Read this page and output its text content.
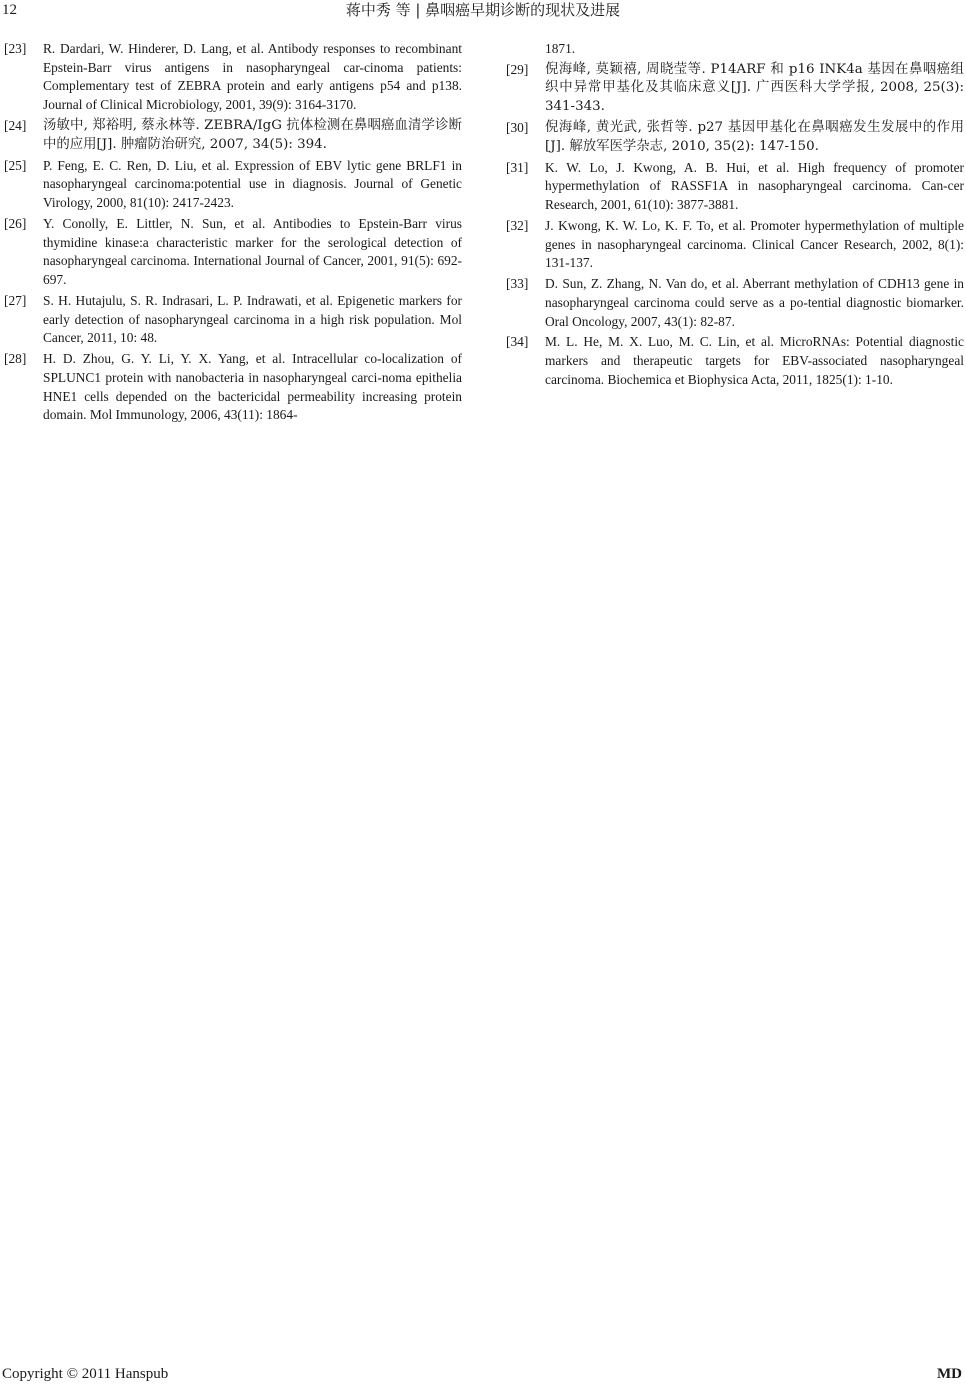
12	蒋中秀 等 | 鼻咽癌早期诊断的现状及进展
[23] R. Dardari, W. Hinderer, D. Lang, et al. Antibody responses to recombinant Epstein-Barr virus antigens in nasopharyngeal car-cinoma patients: Complementary test of ZEBRA protein and early antigens p54 and p138. Journal of Clinical Microbiology, 2001, 39(9): 3164-3170.
[24] 汤敏中, 郑裕明, 蔡永林等. ZEBRA/IgG 抗体检测在鼻咽癌血清学诊断中的应用[J]. 肿瘤防治研究, 2007, 34(5): 394.
[25] P. Feng, E. C. Ren, D. Liu, et al. Expression of EBV lytic gene BRLF1 in nasopharyngeal carcinoma:potential use in diagnosis. Journal of Genetic Virology, 2000, 81(10): 2417-2423.
[26] Y. Conolly, E. Littler, N. Sun, et al. Antibodies to Epstein-Barr virus thymidine kinase:a characteristic marker for the serological detection of nasopharyngeal carcinoma. International Journal of Cancer, 2001, 91(5): 692-697.
[27] S. H. Hutajulu, S. R. Indrasari, L. P. Indrawati, et al. Epigenetic markers for early detection of nasopharyngeal carcinoma in a high risk population. Mol Cancer, 2011, 10: 48.
[28] H. D. Zhou, G. Y. Li, Y. X. Yang, et al. Intracellular co-localization of SPLUNC1 protein with nanobacteria in nasopharyngeal carci-noma epithelia HNE1 cells depended on the bactericidal permeability increasing protein domain. Mol Immunology, 2006, 43(11): 1864-
1871.
[29] 倪海峰, 莫颖禧, 周晓莹等. P14ARF 和 p16 INK4a 基因在鼻咽癌组织中异常甲基化及其临床意义[J]. 广西医科大学学报, 2008, 25(3): 341-343.
[30] 倪海峰, 黄光武, 张哲等. p27 基因甲基化在鼻咽癌发生发展中的作用[J]. 解放军医学杂志, 2010, 35(2): 147-150.
[31] K. W. Lo, J. Kwong, A. B. Hui, et al. High frequency of promoter hypermethylation of RASSF1A in nasopharyngeal carcinoma. Can-cer Research, 2001, 61(10): 3877-3881.
[32] J. Kwong, K. W. Lo, K. F. To, et al. Promoter hypermethylation of multiple genes in nasopharyngeal carcinoma. Clinical Cancer Research, 2002, 8(1): 131-137.
[33] D. Sun, Z. Zhang, N. Van do, et al. Aberrant methylation of CDH13 gene in nasopharyngeal carcinoma could serve as a po-tential diagnostic biomarker. Oral Oncology, 2007, 43(1): 82-87.
[34] M. L. He, M. X. Luo, M. C. Lin, et al. MicroRNAs: Potential diagnostic markers and therapeutic targets for EBV-associated nasopharyngeal carcinoma. Biochemica et Biophysica Acta, 2011, 1825(1): 1-10.
Copyright © 2011 Hanspub	MD
